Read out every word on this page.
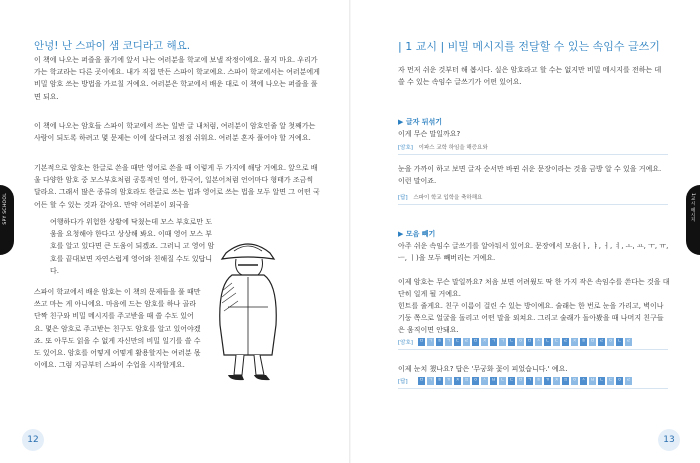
SPY SCHOOL
안녕! 난 스파이 샘 코디라고 해요.

이 책에 나오는 퍼즐을 풀기에 앞서 나는 여러분을 학교에 보낼 작정이에요. 물지 마요. 우리가 가는 학교라는 다른 곳이에요. 내가 직접 만든 스파이 학교예요. 스파이 학교에서는 여러분에게 비밀 암호 쓰는 방법을 가르칠 거예요. 여러분은 학교에서 배운 대로 이 책에 나오는 퍼즐을 풀면 되요.

이 책에 나오는 암호들 스파이 학교에서 쓰는 일반 글 내처럼, 여러분이 암호인줄 알 첫째가는 사람이 되도록 하려고 몇 문제는 이에 살다려고 점점 쉬워요. 여러분 혼자 풀어야 할 거예요.

기본적으로 암호는 한글로 쓴을 때만 영어로 쓴을 때 이렇게 두 가지에 해당 거예요. 앞으로 배울 다양한 암호 중 모스부호처럼 공통적인 영어, 한국어, 일본어처럼 언어마다 형태가 조금씩 달라요. 그래서 많은 종류의 암호라도 한글로 쓰는 법과 영어로 쓰는 법을 모두 알면 그 어떤 국어든 할 수 있는 것과 같아요. 만약 여러분이 외국을

여행하다가 위험한 상황에 닥쳤는데 모스 부호로만 도움을 요청해야 한다고 상상해 봐요. 이때 영어 모스 부호를 알고 있다면 큰 도움이 되겠죠. 그러니 고 영어 암호를 끝대보면 자연스럽게 영어와 친해질 수도 있답니다.

스파이 학교에서 배운 암호는 이 책의 문제들을 풀 때만 쓰고 마는 게 아니에요. 마음에 드는 암호를 하나 골라 단짝 친구와 비밀 메시지를 주고받을 때 쓸 수도 있어요. 몇은 암호로 주고받는 친구도 암호를 알고 있어야겠죠. 또 아무도 읽을 수 없게 자신만의 비밀 일기를 쓸 수도 있어요. 암호를 어떻게 어떻게 활용할지는 여러분 몫이에요. 그럼 지금부터 스파이 수업을 시작할게요.

12
1교시 메시지
| 1 교시 | 비밀 메시지를 전달할 수 있는 속임수 글쓰기

자 먼저 쉬운 것부터 해 봅시다. 실은 암호라고 할 수는 없지만 비밀 메시지를 전하는 데 쓸 수 있는 속임수 글쓰기가 어떤 있어요.

▶ 글자 뒤섞기

이게 무슨 말일까요?

[암호] 이파스 교학 하임을 해증요와

눈을 가까이 하고 보면 글자 순서만 바뀐 쉬운 문장이라는 것을 금방 알 수 있을 거예요. 이런 말이죠.

[답] 스파이 학교 입학을 축하해요
▶ 모음 빼기

아주 쉬운 속임수 글쓰기를 알아둬서 있어요. 문장에서 모음(ㅏ, ㅑ, ㅓ, ㅕ, ㅗ, ㅛ, ㅜ, ㅠ, ㅡ, ㅣ)을 모두 빼버리는 거예요.

이제 암호는 무슨 말일까요? 처음 보면 어려웠도 딱 한 가지 작은 속임수를 쓴다는 것을 대단히 일게 될 거예요.

힌트를 줄게요. 친구 이름이 걸린 수 있는 방이예요. 술래는 한 번로 눈을 가리고, 벽이나 기둥 쪽으로 얼굴을 돌리고 어떤 말을 외쳐요. 그리고 술래가 돌아봤을 때 나머지 친구들은 움직이면 안돼요.

[암호]	ㅁ ㄱ ㅎ ㄱ ㄷ ㄹ ㅁ ㅈ ㄱ ㄱ ㄴ ㅇ ㅁ ㅅ ㄴ ㄷ ㄹ ㅈ ㅎ ㅁ ㄹ ㅇ ㄴ ㄹ

이제 눈치 챘나요? 답은 '무궁화 꽃이 피었습니다.' 예요.

[답]	ㅁ ㄱ ㅎ ㄲ ㅊ ㅍ ㅇ ㅅ ㅂ ㄴ ㄷ ㅁ ㄱ ㅎ ㄲ ㅊ ㅍ ㅇ ㅅ ㅂ ㄴ ㄷ ㅇ ㄹ
13
